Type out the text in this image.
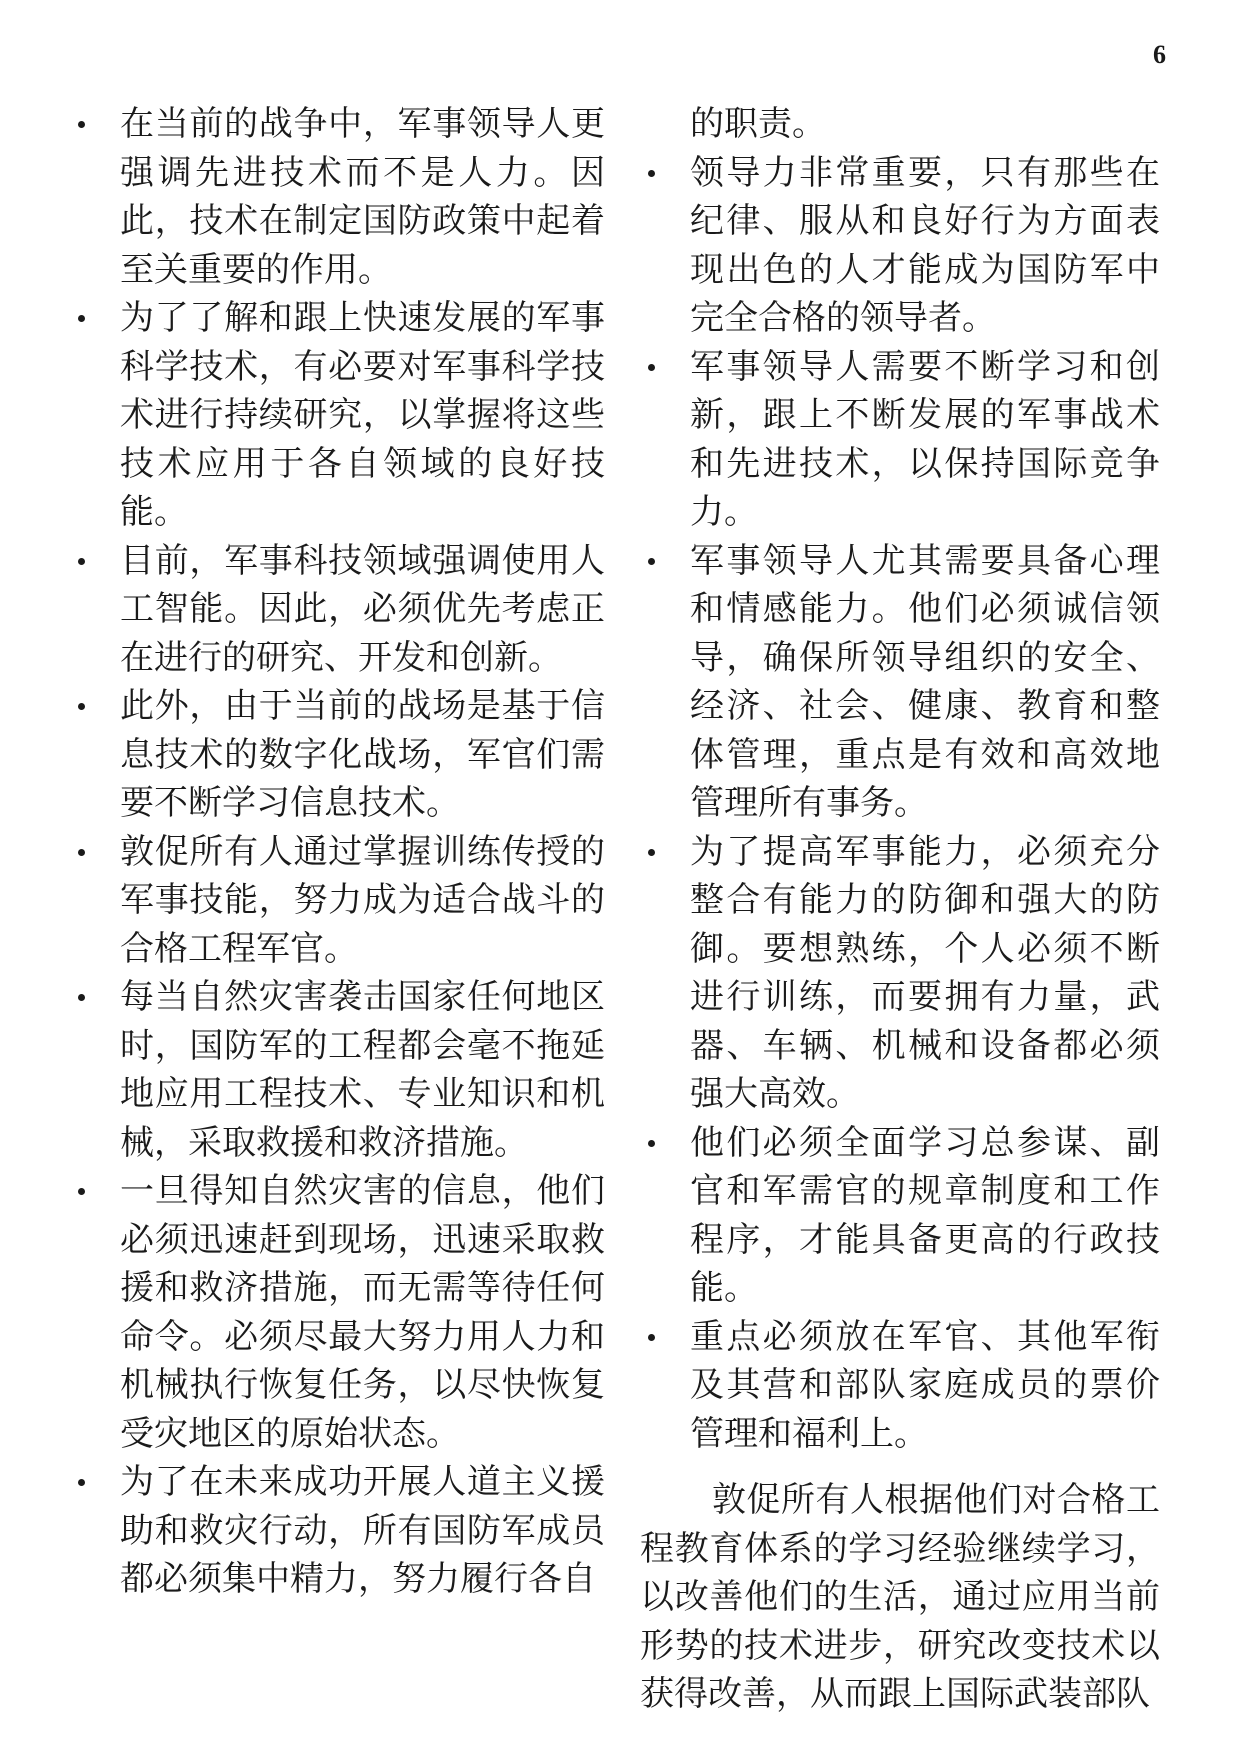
6
在当前的战争中，军事领导人更强调先进技术而不是人力。因此，技术在制定国防政策中起着至关重要的作用。
为了了解和跟上快速发展的军事科学技术，有必要对军事科学技术进行持续研究，以掌握将这些技术应用于各自领域的良好技能。
目前，军事科技领域强调使用人工智能。因此，必须优先考虑正在进行的研究、开发和创新。
此外，由于当前的战场是基于信息技术的数字化战场，军官们需要不断学习信息技术。
敦促所有人通过掌握训练传授的军事技能，努力成为适合战斗的合格工程军官。
每当自然灾害袭击国家任何地区时，国防军的工程都会毫不拖延地应用工程技术、专业知识和机械，采取救援和救济措施。
一旦得知自然灾害的信息，他们必须迅速赶到现场，迅速采取救援和救济措施，而无需等待任何命令。必须尽最大努力用人力和机械执行恢复任务，以尽快恢复受灾地区的原始状态。
为了在未来成功开展人道主义援助和救灾行动，所有国防军成员都必须集中精力，努力履行各自
的职责。
领导力非常重要，只有那些在纪律、服从和良好行为方面表现出色的人才能成为国防军中完全合格的领导者。
军事领导人需要不断学习和创新，跟上不断发展的军事战术和先进技术，以保持国际竞争力。
军事领导人尤其需要具备心理和情感能力。他们必须诚信领导，确保所领导组织的安全、经济、社会、健康、教育和整体管理，重点是有效和高效地管理所有事务。
为了提高军事能力，必须充分整合有能力的防御和强大的防御。要想熟练，个人必须不断进行训练，而要拥有力量，武器、车辆、机械和设备都必须强大高效。
他们必须全面学习总参谋、副官和军需官的规章制度和工作程序，才能具备更高的行政技能。
重点必须放在军官、其他军衔及其营和部队家庭成员的票价管理和福利上。

敦促所有人根据他们对合格工程教育体系的学习经验继续学习，以改善他们的生活，通过应用当前形势的技术进步，研究改变技术以获得改善，从而跟上国际武装部队
